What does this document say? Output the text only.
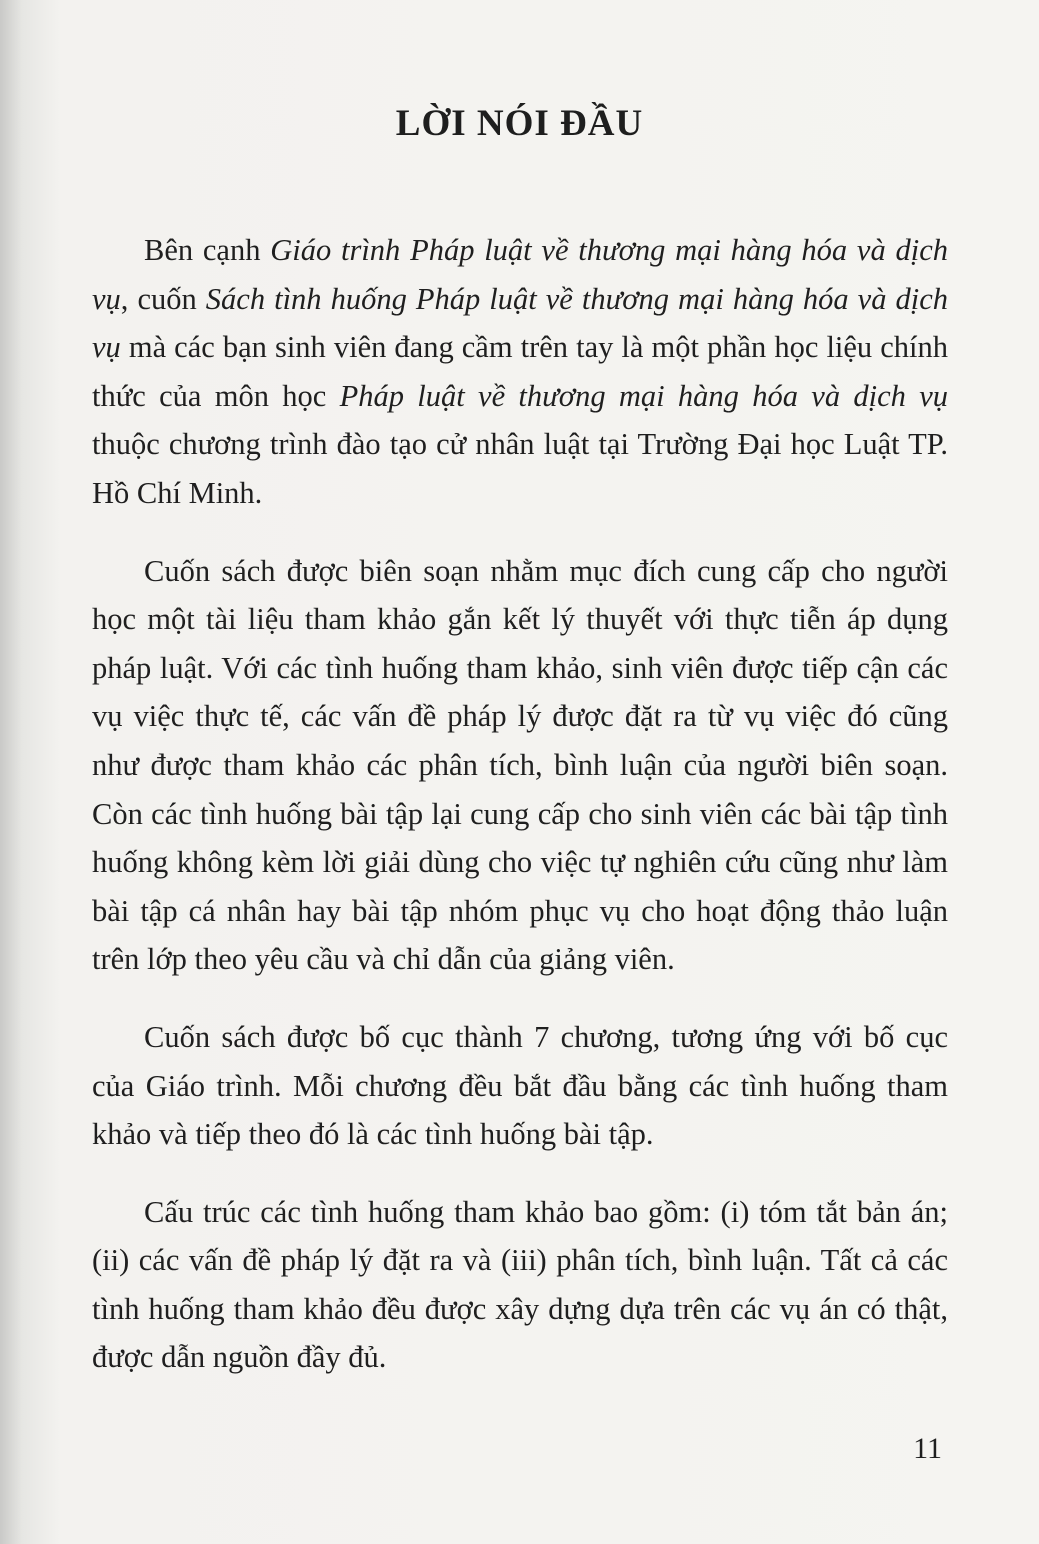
LỜI NÓI ĐẦU

Bên cạnh Giáo trình Pháp luật về thương mại hàng hóa và dịch vụ, cuốn Sách tình huống Pháp luật về thương mại hàng hóa và dịch vụ mà các bạn sinh viên đang cầm trên tay là một phần học liệu chính thức của môn học Pháp luật về thương mại hàng hóa và dịch vụ thuộc chương trình đào tạo cử nhân luật tại Trường Đại học Luật TP. Hồ Chí Minh.

Cuốn sách được biên soạn nhằm mục đích cung cấp cho người học một tài liệu tham khảo gắn kết lý thuyết với thực tiễn áp dụng pháp luật. Với các tình huống tham khảo, sinh viên được tiếp cận các vụ việc thực tế, các vấn đề pháp lý được đặt ra từ vụ việc đó cũng như được tham khảo các phân tích, bình luận của người biên soạn. Còn các tình huống bài tập lại cung cấp cho sinh viên các bài tập tình huống không kèm lời giải dùng cho việc tự nghiên cứu cũng như làm bài tập cá nhân hay bài tập nhóm phục vụ cho hoạt động thảo luận trên lớp theo yêu cầu và chỉ dẫn của giảng viên.

Cuốn sách được bố cục thành 7 chương, tương ứng với bố cục của Giáo trình. Mỗi chương đều bắt đầu bằng các tình huống tham khảo và tiếp theo đó là các tình huống bài tập.

Cấu trúc các tình huống tham khảo bao gồm: (i) tóm tắt bản án; (ii) các vấn đề pháp lý đặt ra và (iii) phân tích, bình luận. Tất cả các tình huống tham khảo đều được xây dựng dựa trên các vụ án có thật, được dẫn nguồn đầy đủ.

11
